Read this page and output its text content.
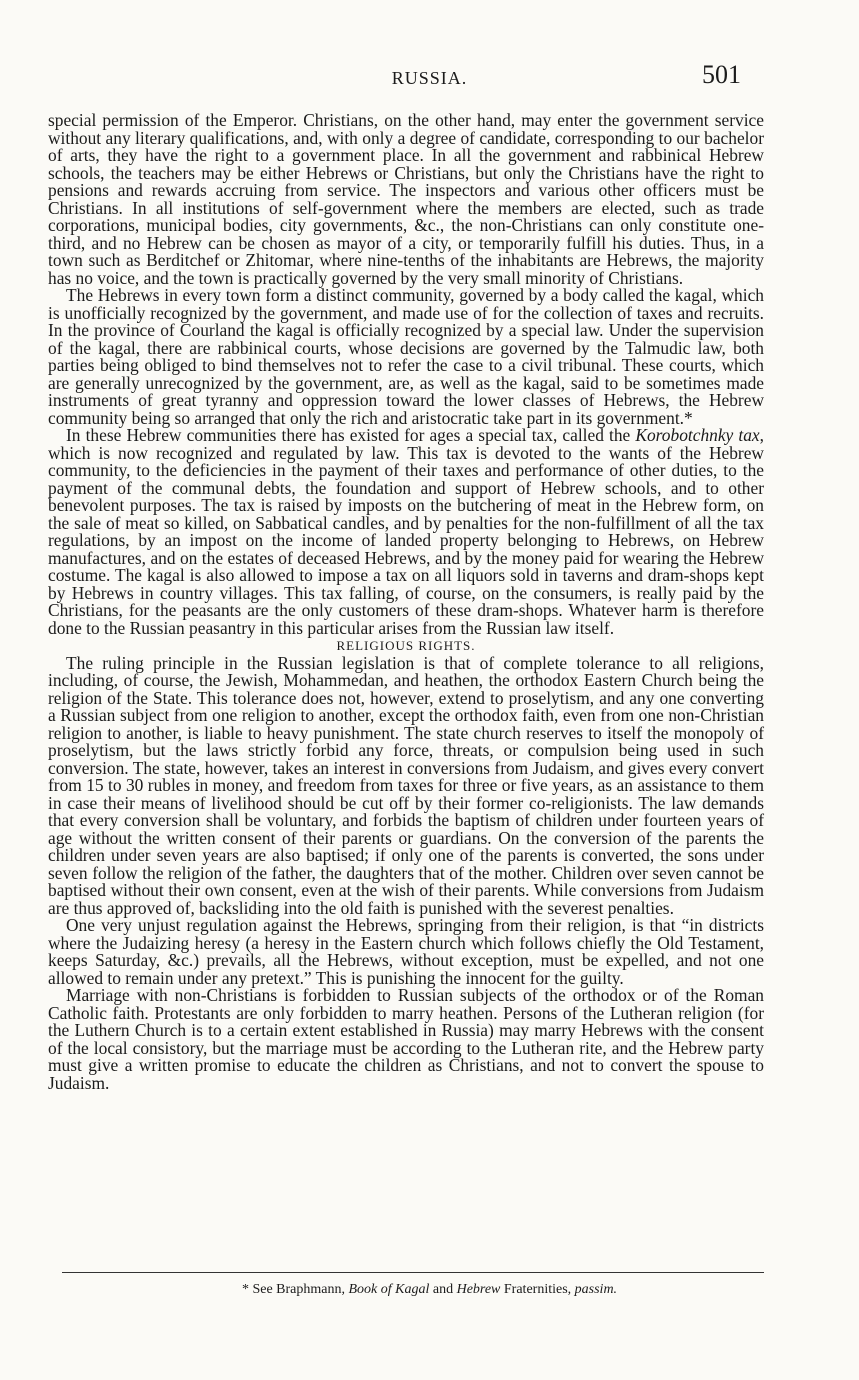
RUSSIA.	501

special permission of the Emperor. Christians, on the other hand, may enter the government service without any literary qualifications, and, with only a degree of candidate, corresponding to our bachelor of arts, they have the right to a government place. In all the government and rabbinical Hebrew schools, the teachers may be either Hebrews or Christians, but only the Christians have the right to pensions and rewards accruing from service. The inspectors and various other officers must be Christians. In all institutions of self-government where the members are elected, such as trade corporations, municipal bodies, city governments, &c., the non-Christians can only constitute one-third, and no Hebrew can be chosen as mayor of a city, or temporarily fulfill his duties. Thus, in a town such as Berditchef or Zhitomar, where nine-tenths of the inhabitants are Hebrews, the majority has no voice, and the town is practically governed by the very small minority of Christians.

The Hebrews in every town form a distinct community, governed by a body called the kagal, which is unofficially recognized by the government, and made use of for the collection of taxes and recruits. In the province of Courland the kagal is officially recognized by a special law. Under the supervision of the kagal, there are rabbinical courts, whose decisions are governed by the Talmudic law, both parties being obliged to bind themselves not to refer the case to a civil tribunal. These courts, which are generally unrecognized by the government, are, as well as the kagal, said to be sometimes made instruments of great tyranny and oppression toward the lower classes of Hebrews, the Hebrew community being so arranged that only the rich and aristocratic take part in its government.*

In these Hebrew communities there has existed for ages a special tax, called the Korobotchnky tax, which is now recognized and regulated by law. This tax is devoted to the wants of the Hebrew community, to the deficiencies in the payment of their taxes and performance of other duties, to the payment of the communal debts, the foundation and support of Hebrew schools, and to other benevolent purposes. The tax is raised by imposts on the butchering of meat in the Hebrew form, on the sale of meat so killed, on Sabbatical candles, and by penalties for the non-fulfillment of all the tax regulations, by an impost on the income of landed property belonging to Hebrews, on Hebrew manufactures, and on the estates of deceased Hebrews, and by the money paid for wearing the Hebrew costume. The kagal is also allowed to impose a tax on all liquors sold in taverns and dram-shops kept by Hebrews in country villages. This tax falling, of course, on the consumers, is really paid by the Christians, for the peasants are the only customers of these dram-shops. Whatever harm is therefore done to the Russian peasantry in this particular arises from the Russian law itself.

RELIGIOUS RIGHTS.

The ruling principle in the Russian legislation is that of complete tolerance to all religions, including, of course, the Jewish, Mohammedan, and heathen, the orthodox Eastern Church being the religion of the State. This tolerance does not, however, extend to proselytism, and any one converting a Russian subject from one religion to another, except the orthodox faith, even from one non-Christian religion to another, is liable to heavy punishment. The state church reserves to itself the monopoly of proselytism, but the laws strictly forbid any force, threats, or compulsion being used in such conversion. The state, however, takes an interest in conversions from Judaism, and gives every convert from 15 to 30 rubles in money, and freedom from taxes for three or five years, as an assistance to them in case their means of livelihood should be cut off by their former co-religionists. The law demands that every conversion shall be voluntary, and forbids the baptism of children under fourteen years of age without the written consent of their parents or guardians. On the conversion of the parents the children under seven years are also baptised; if only one of the parents is converted, the sons under seven follow the religion of the father, the daughters that of the mother. Children over seven cannot be baptised without their own consent, even at the wish of their parents. While conversions from Judaism are thus approved of, backsliding into the old faith is punished with the severest penalties.

One very unjust regulation against the Hebrews, springing from their religion, is that “in districts where the Judaizing heresy (a heresy in the Eastern church which follows chiefly the Old Testament, keeps Saturday, &c.) prevails, all the Hebrews, without exception, must be expelled, and not one allowed to remain under any pretext.” This is punishing the innocent for the guilty.

Marriage with non-Christians is forbidden to Russian subjects of the orthodox or of the Roman Catholic faith. Protestants are only forbidden to marry heathen. Persons of the Lutheran religion (for the Luthern Church is to a certain extent established in Russia) may marry Hebrews with the consent of the local consistory, but the marriage must be according to the Lutheran rite, and the Hebrew party must give a written promise to educate the children as Christians, and not to convert the spouse to Judaism.

* See Braphmann, Book of Kagal and Hebrew Fraternities, passim.
